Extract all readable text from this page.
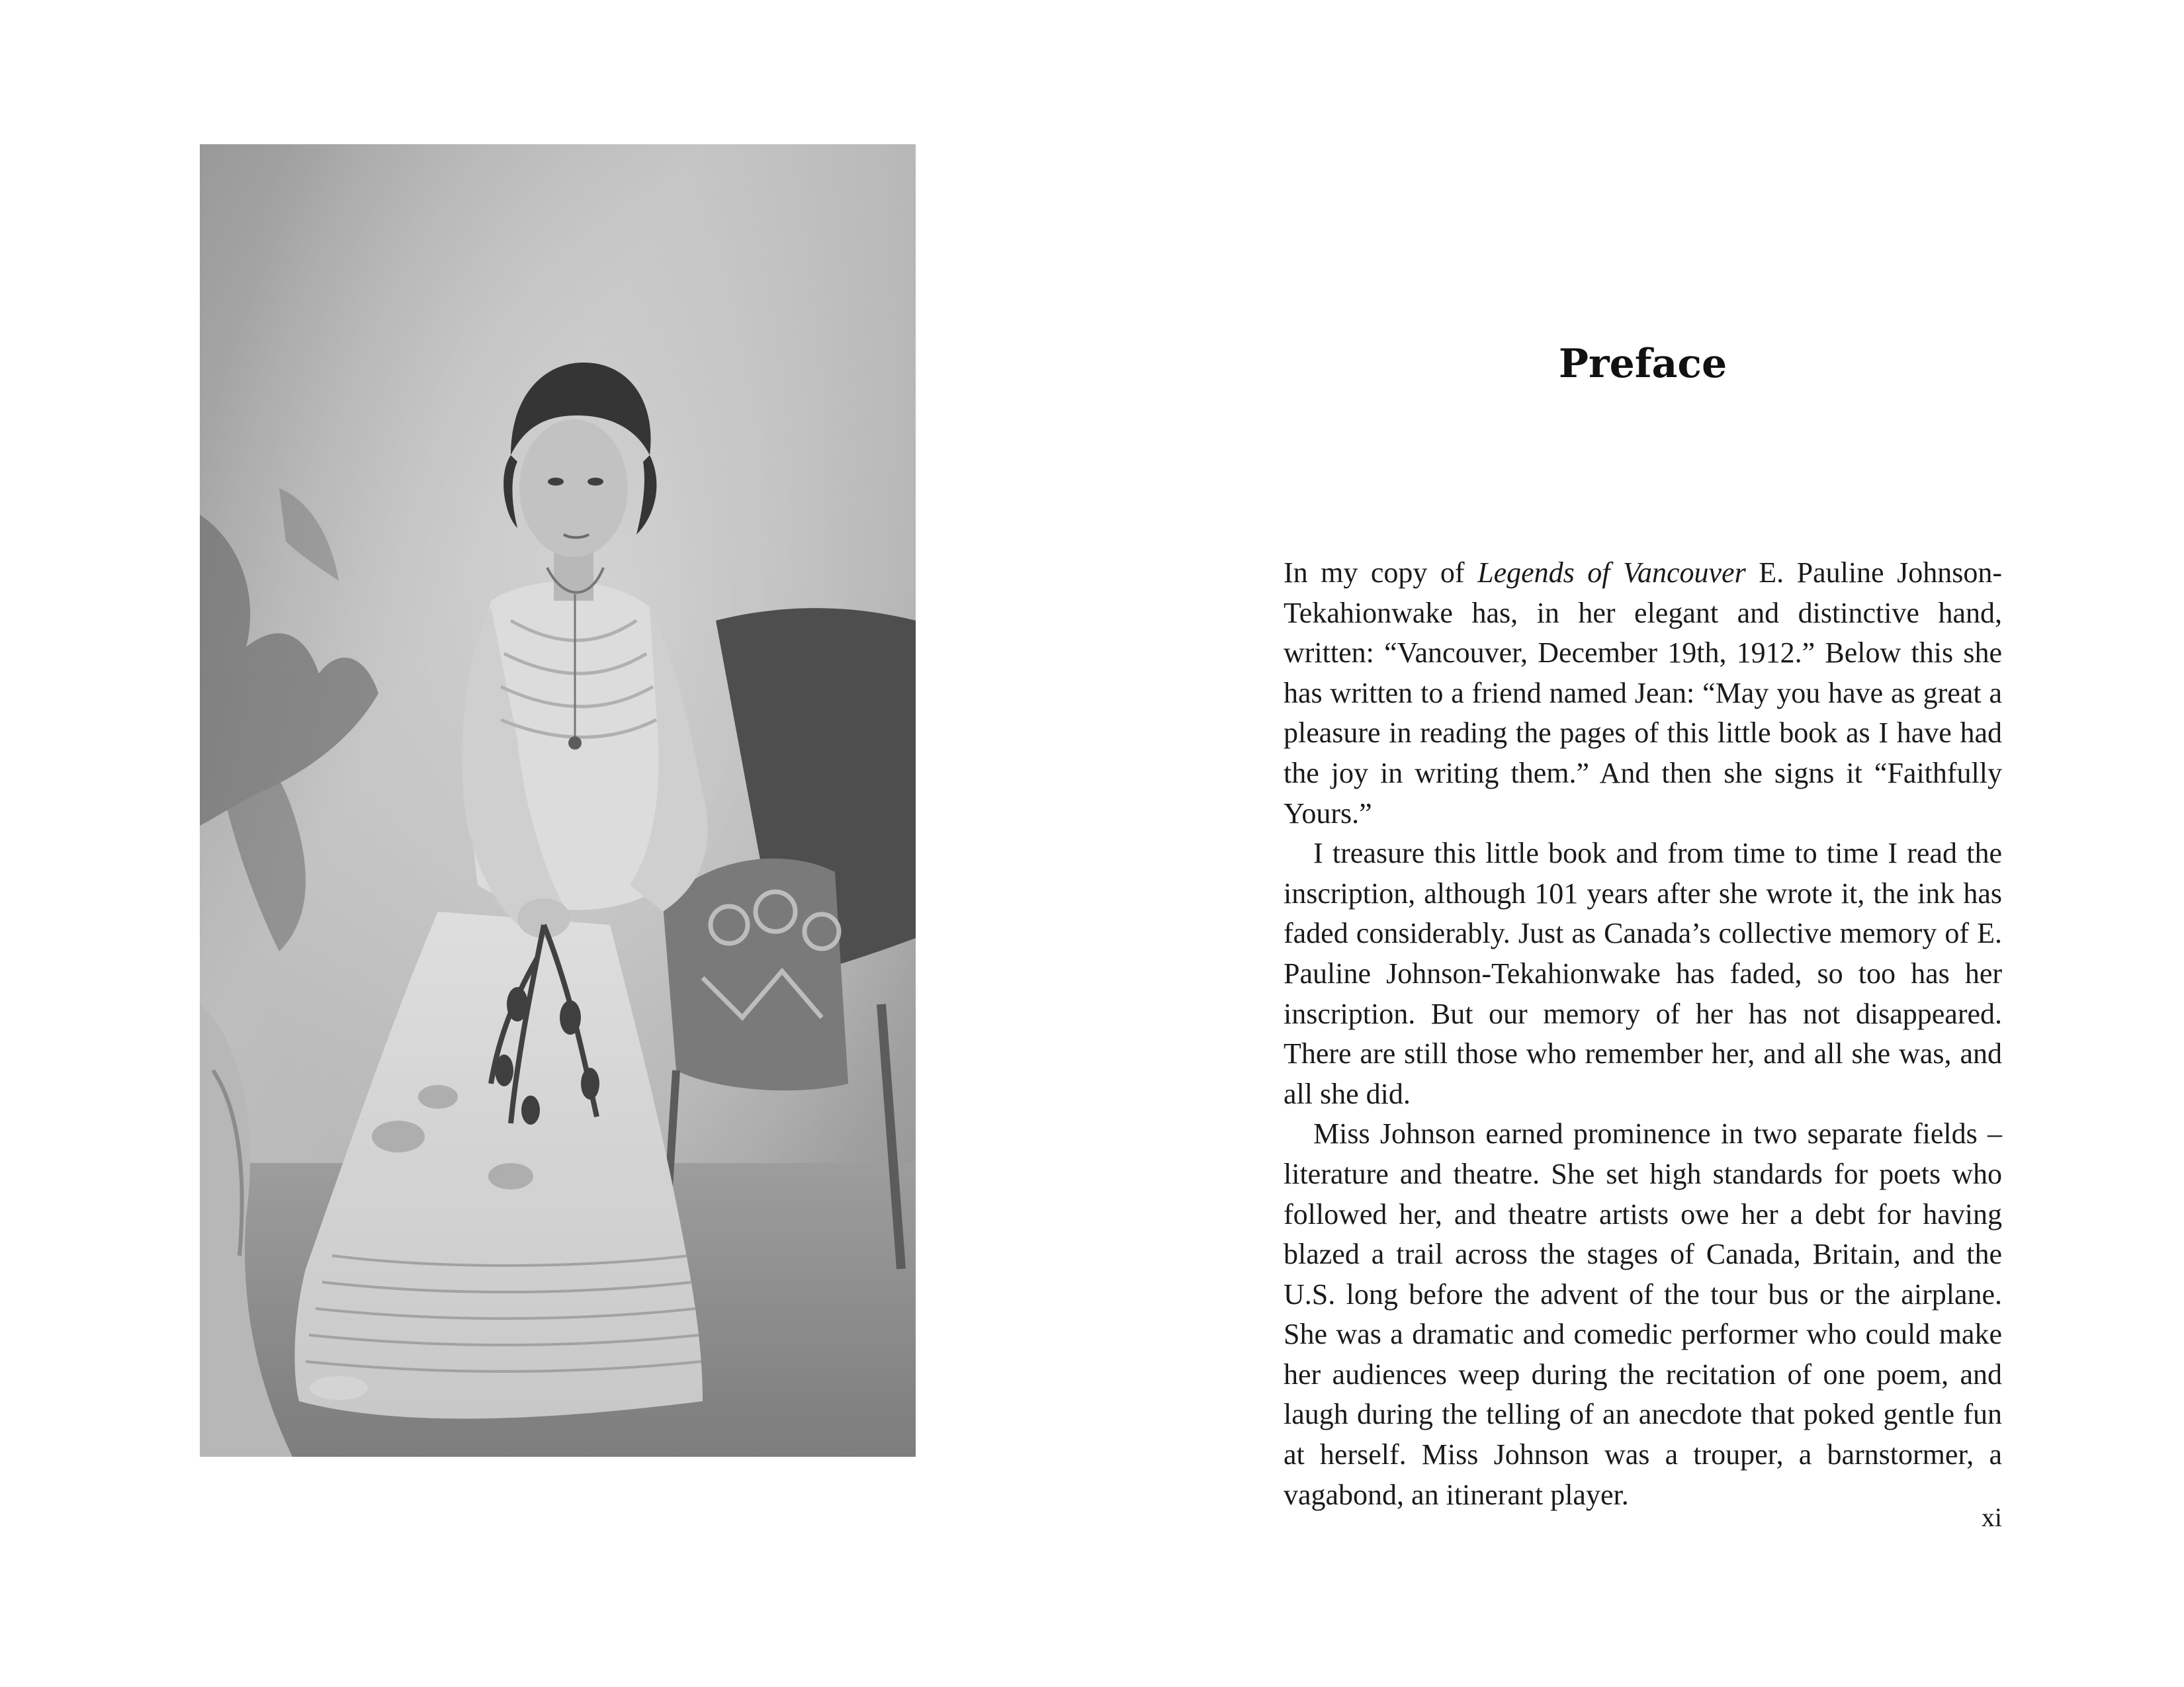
Preface

In my copy of Legends of Vancouver E. Pauline Johnson-Tekahionwake has, in her elegant and distinctive hand, written: “Vancouver, December 19th, 1912.” Below this she has written to a friend named Jean: “May you have as great a pleasure in reading the pages of this little book as I have had the joy in writing them.” And then she signs it “Faithfully Yours.”

I treasure this little book and from time to time I read the inscription, although 101 years after she wrote it, the ink has faded considerably. Just as Canada’s collective memory of E. Pauline Johnson-Tekahionwake has faded, so too has her inscription. But our memory of her has not disappeared. There are still those who remember her, and all she was, and all she did.

Miss Johnson earned prominence in two separate fields – literature and theatre. She set high standards for poets who followed her, and theatre artists owe her a debt for having blazed a trail across the stages of Canada, Britain, and the U.S. long before the advent of the tour bus or the airplane. She was a dramatic and comedic performer who could make her audiences weep during the recitation of one poem, and laugh during the telling of an anecdote that poked gentle fun at herself. Miss Johnson was a trouper, a barnstormer, a vagabond, an itinerant player.

xi
